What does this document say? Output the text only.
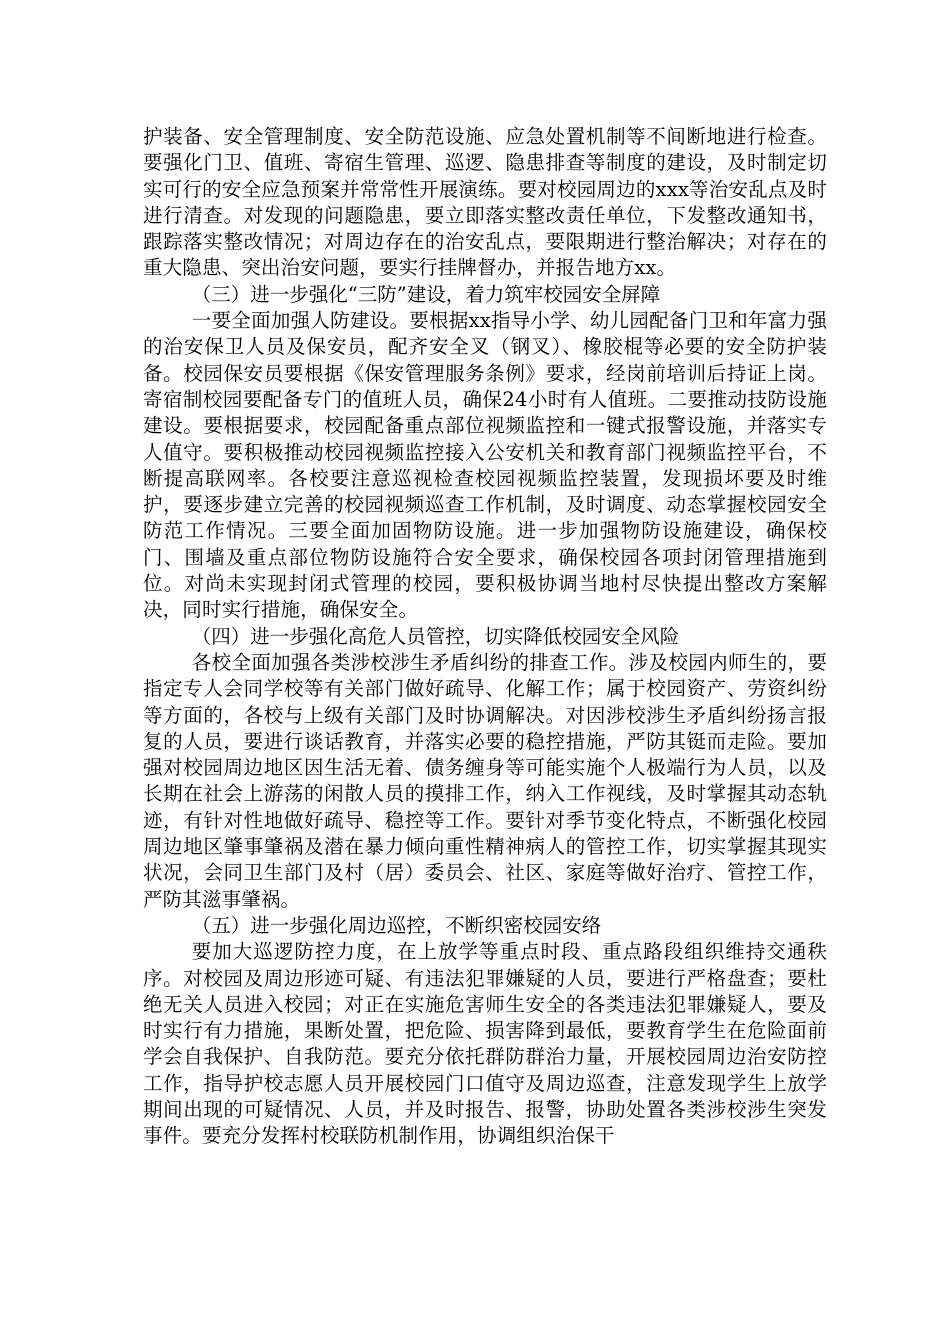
护装备、安全管理制度、安全防范设施、应急处置机制等不间断地进行检查。要强化门卫、值班、寄宿生管理、巡逻、隐患排查等制度的建设，及时制定切实可行的安全应急预案并常常性开展演练。要对校园周边的xxx等治安乱点及时进行清查。对发现的问题隐患，要立即落实整改责任单位，下发整改通知书，跟踪落实整改情况；对周边存在的治安乱点，要限期进行整治解决；对存在的重大隐患、突出治安问题，要实行挂牌督办，并报告地方xx。

（三）进一步强化“三防”建设，着力筑牢校园安全屏障

一要全面加强人防建设。要根据xx指导小学、幼儿园配备门卫和年富力强的治安保卫人员及保安员，配齐安全叉（钢叉）、橡胶棍等必要的安全防护装备。校园保安员要根据《保安管理服务条例》要求，经岗前培训后持证上岗。寄宿制校园要配备专门的值班人员，确保24小时有人值班。二要推动技防设施建设。要根据要求，校园配备重点部位视频监控和一键式报警设施，并落实专人值守。要积极推动校园视频监控接入公安机关和教育部门视频监控平台，不断提高联网率。各校要注意巡视检查校园视频监控装置，发现损坏要及时维护，要逐步建立完善的校园视频巡查工作机制，及时调度、动态掌握校园安全防范工作情况。三要全面加固物防设施。进一步加强物防设施建设，确保校门、围墙及重点部位物防设施符合安全要求，确保校园各项封闭管理措施到位。对尚未实现封闭式管理的校园，要积极协调当地村尽快提出整改方案解决，同时实行措施，确保安全。

（四）进一步强化高危人员管控，切实降低校园安全风险

各校全面加强各类涉校涉生矛盾纠纷的排查工作。涉及校园内师生的，要指定专人会同学校等有关部门做好疏导、化解工作；属于校园资产、劳资纠纷等方面的，各校与上级有关部门及时协调解决。对因涉校涉生矛盾纠纷扬言报复的人员，要进行谈话教育，并落实必要的稳控措施，严防其铤而走险。要加强对校园周边地区因生活无着、债务缠身等可能实施个人极端行为人员，以及长期在社会上游荡的闲散人员的摸排工作，纳入工作视线，及时掌握其动态轨迹，有针对性地做好疏导、稳控等工作。要针对季节变化特点，不断强化校园周边地区肇事肇祸及潜在暴力倾向重性精神病人的管控工作，切实掌握其现实状况，会同卫生部门及村（居）委员会、社区、家庭等做好治疗、管控工作，严防其滋事肇祸。

（五）进一步强化周边巡控，不断织密校园安络

要加大巡逻防控力度，在上放学等重点时段、重点路段组织维持交通秩序。对校园及周边形迹可疑、有违法犯罪嫌疑的人员，要进行严格盘查；要杜绝无关人员进入校园；对正在实施危害师生安全的各类违法犯罪嫌疑人，要及时实行有力措施，果断处置，把危险、损害降到最低，要教育学生在危险面前学会自我保护、自我防范。要充分依托群防群治力量，开展校园周边治安防控工作，指导护校志愿人员开展校园门口值守及周边巡查，注意发现学生上放学期间出现的可疑情况、人员，并及时报告、报警，协助处置各类涉校涉生突发事件。要充分发挥村校联防机制作用，协调组织治保干
